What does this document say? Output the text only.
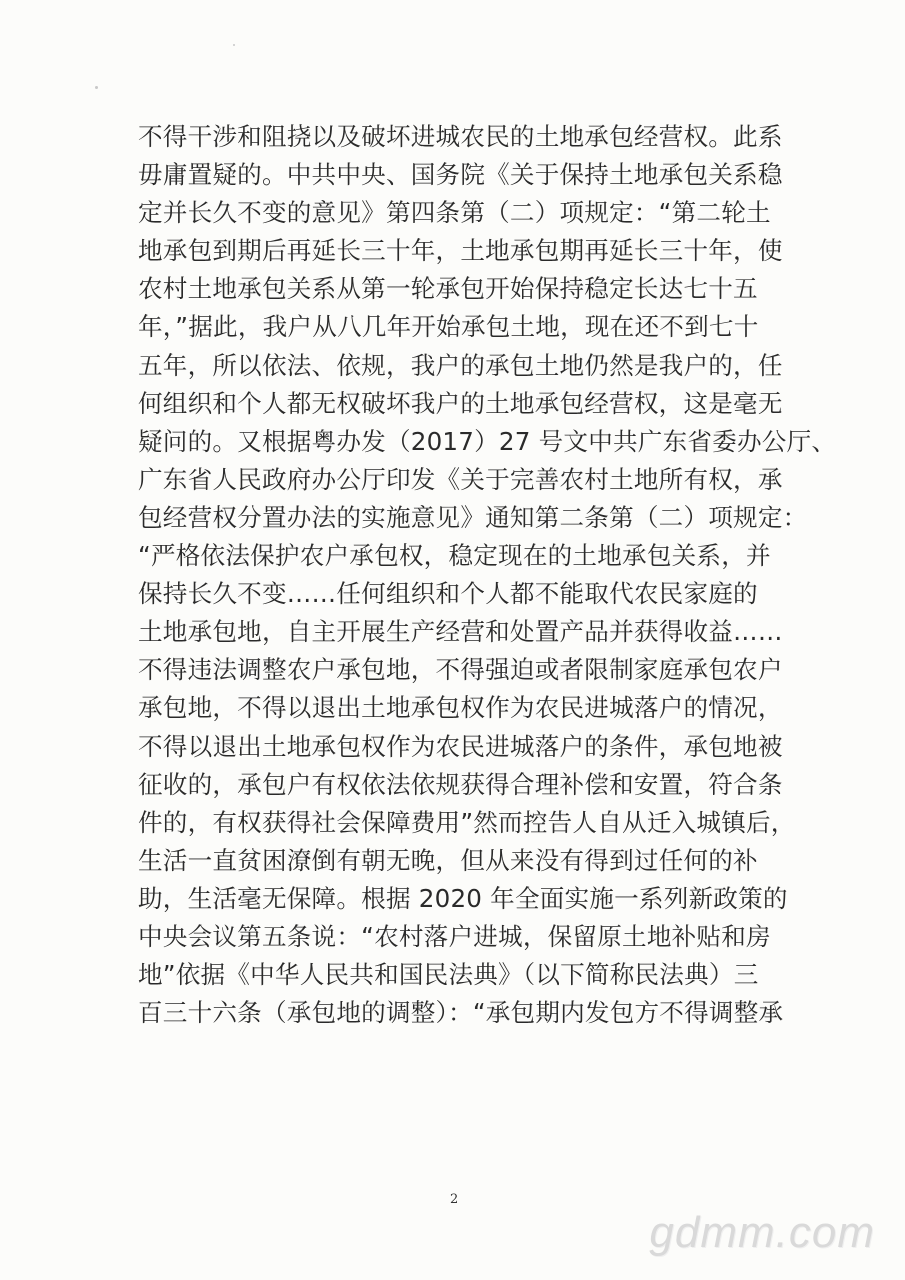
不得干涉和阻挠以及破坏进城农民的土地承包经营权。此系
毋庸置疑的。中共中央、国务院《关于保持土地承包关系稳
定并长久不变的意见》第四条第（二）项规定：“第二轮土
地承包到期后再延长三十年，土地承包期再延长三十年，使
农村土地承包关系从第一轮承包开始保持稳定长达七十五
年，”据此，我户从八几年开始承包土地，现在还不到七十
五年，所以依法、依规，我户的承包土地仍然是我户的，任
何组织和个人都无权破坏我户的土地承包经营权，这是毫无
疑问的。又根据粤办发（2017）27 号文中共广东省委办公厅、
广东省人民政府办公厅印发《关于完善农村土地所有权，承
包经营权分置办法的实施意见》通知第二条第（二）项规定：
“严格依法保护农户承包权，稳定现在的土地承包关系，并
保持长久不变……任何组织和个人都不能取代农民家庭的
土地承包地，自主开展生产经营和处置产品并获得收益……
不得违法调整农户承包地，不得强迫或者限制家庭承包农户
承包地，不得以退出土地承包权作为农民进城落户的情况，
不得以退出土地承包权作为农民进城落户的条件，承包地被
征收的，承包户有权依法依规获得合理补偿和安置，符合条
件的，有权获得社会保障费用”然而控告人自从迁入城镇后，
生活一直贫困潦倒有朝无晚，但从来没有得到过任何的补
助，生活毫无保障。根据 2020 年全面实施一系列新政策的
中央会议第五条说：“农村落户进城，保留原土地补贴和房
地”依据《中华人民共和国民法典》（以下简称民法典）三
百三十六条（承包地的调整）：“承包期内发包方不得调整承
2
gdmm.com
